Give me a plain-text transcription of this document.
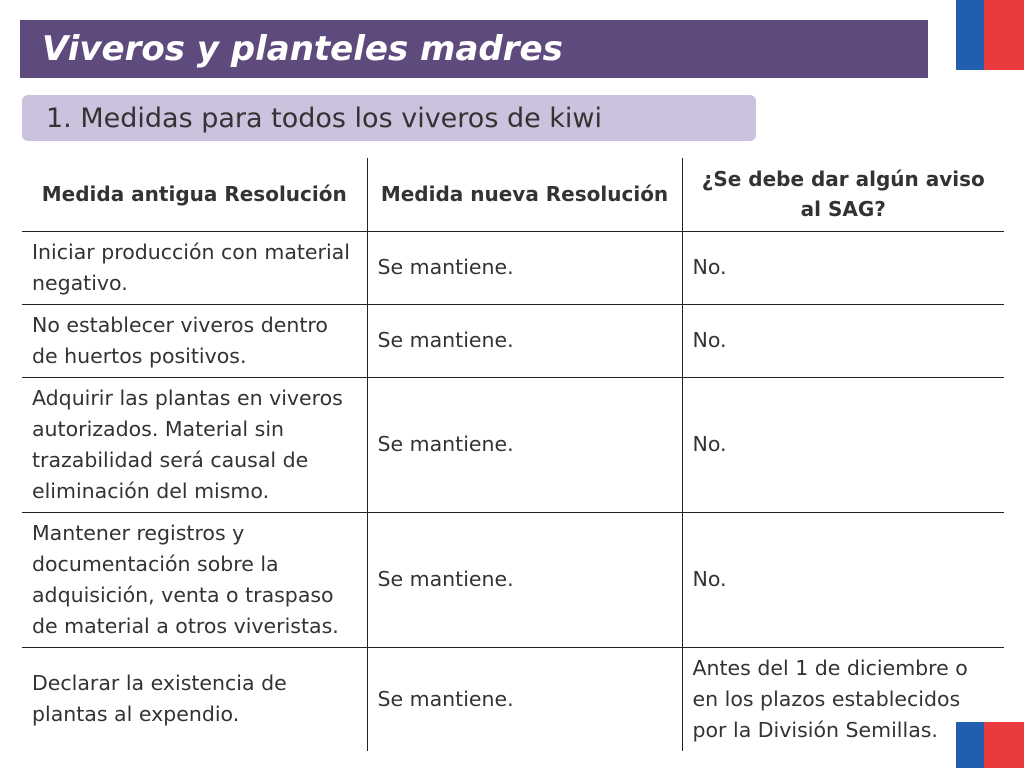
Viveros y planteles madres
1. Medidas para todos los viveros de kiwi
Medida antigua Resolución	Medida nueva Resolución	¿Se debe dar algún aviso al SAG?
Iniciar producción con material negativo.	Se mantiene.	No.
No establecer viveros dentro de huertos positivos.	Se mantiene.	No.
Adquirir las plantas en viveros autorizados. Material sin trazabilidad será causal de eliminación del mismo.	Se mantiene.	No.
Mantener registros y documentación sobre la adquisición, venta o traspaso de material a otros viveristas.	Se mantiene.	No.
Declarar la existencia de plantas al expendio.	Se mantiene.	Antes del 1 de diciembre o en los plazos establecidos por la División Semillas.
